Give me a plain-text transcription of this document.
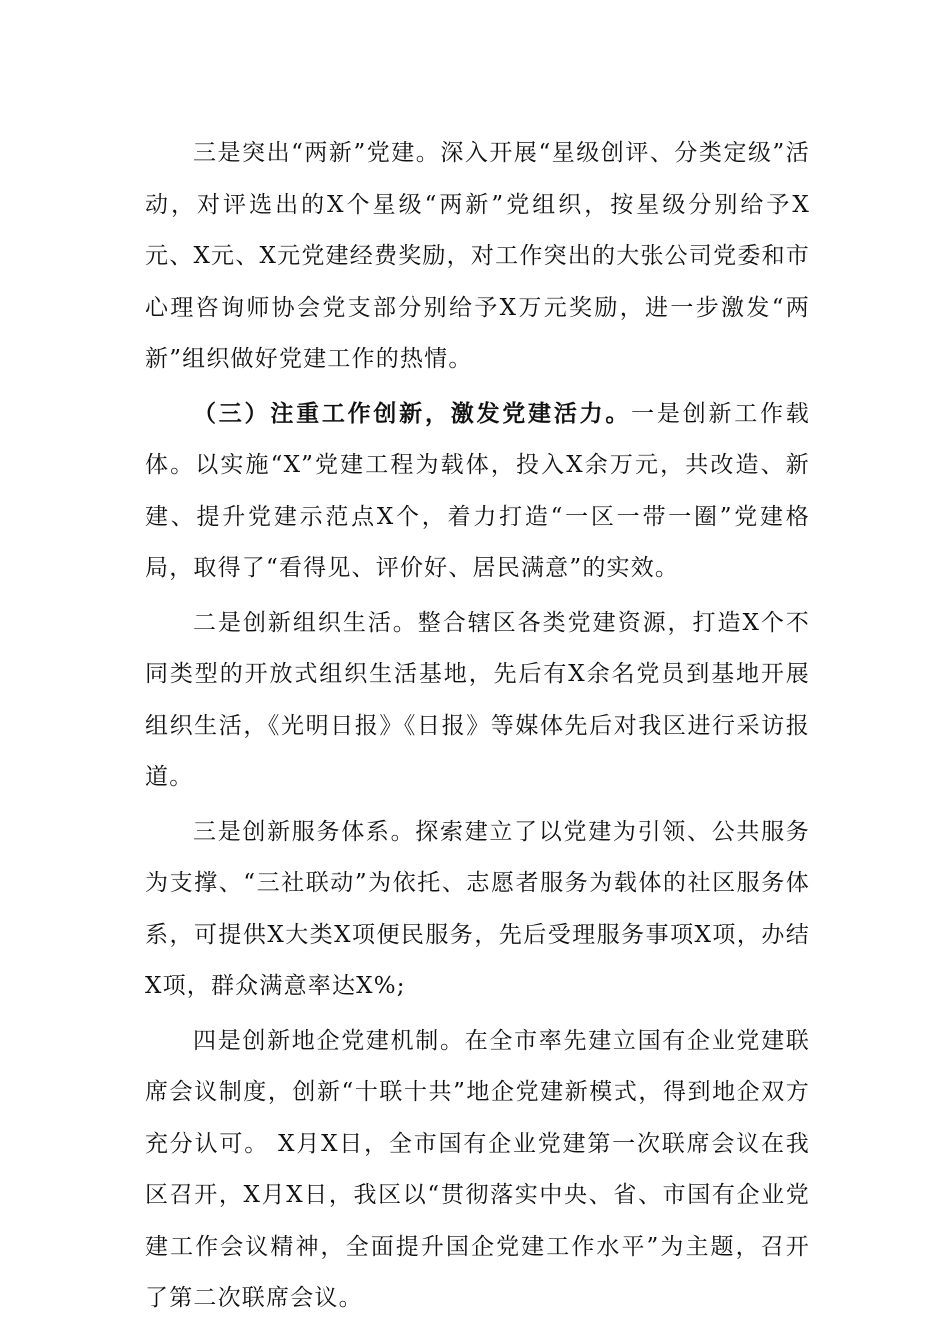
三是突出“两新”党建。深入开展“星级创评、分类定级”活动，对评选出的X个星级“两新”党组织，按星级分别给予X元、X元、X元党建经费奖励，对工作突出的大张公司党委和市心理咨询师协会党支部分别给予X万元奖励，进一步激发“两新”组织做好党建工作的热情。

（三）注重工作创新，激发党建活力。一是创新工作载体。以实施“X”党建工程为载体，投入X余万元，共改造、新建、提升党建示范点X个，着力打造“一区一带一圈”党建格局，取得了“看得见、评价好、居民满意”的实效。

二是创新组织生活。整合辖区各类党建资源，打造X个不同类型的开放式组织生活基地，先后有X余名党员到基地开展组织生活，《光明日报》《日报》等媒体先后对我区进行采访报道。

三是创新服务体系。探索建立了以党建为引领、公共服务为支撑、“三社联动”为依托、志愿者服务为载体的社区服务体系，可提供X大类X项便民服务，先后受理服务事项X项，办结X项，群众满意率达X%;

四是创新地企党建机制。在全市率先建立国有企业党建联席会议制度，创新“十联十共”地企党建新模式，得到地企双方充分认可。 X月X日，全市国有企业党建第一次联席会议在我区召开，X月X日，我区以“贯彻落实中央、省、市国有企业党建工作会议精神，全面提升国企党建工作水平”为主题，召开了第二次联席会议。
